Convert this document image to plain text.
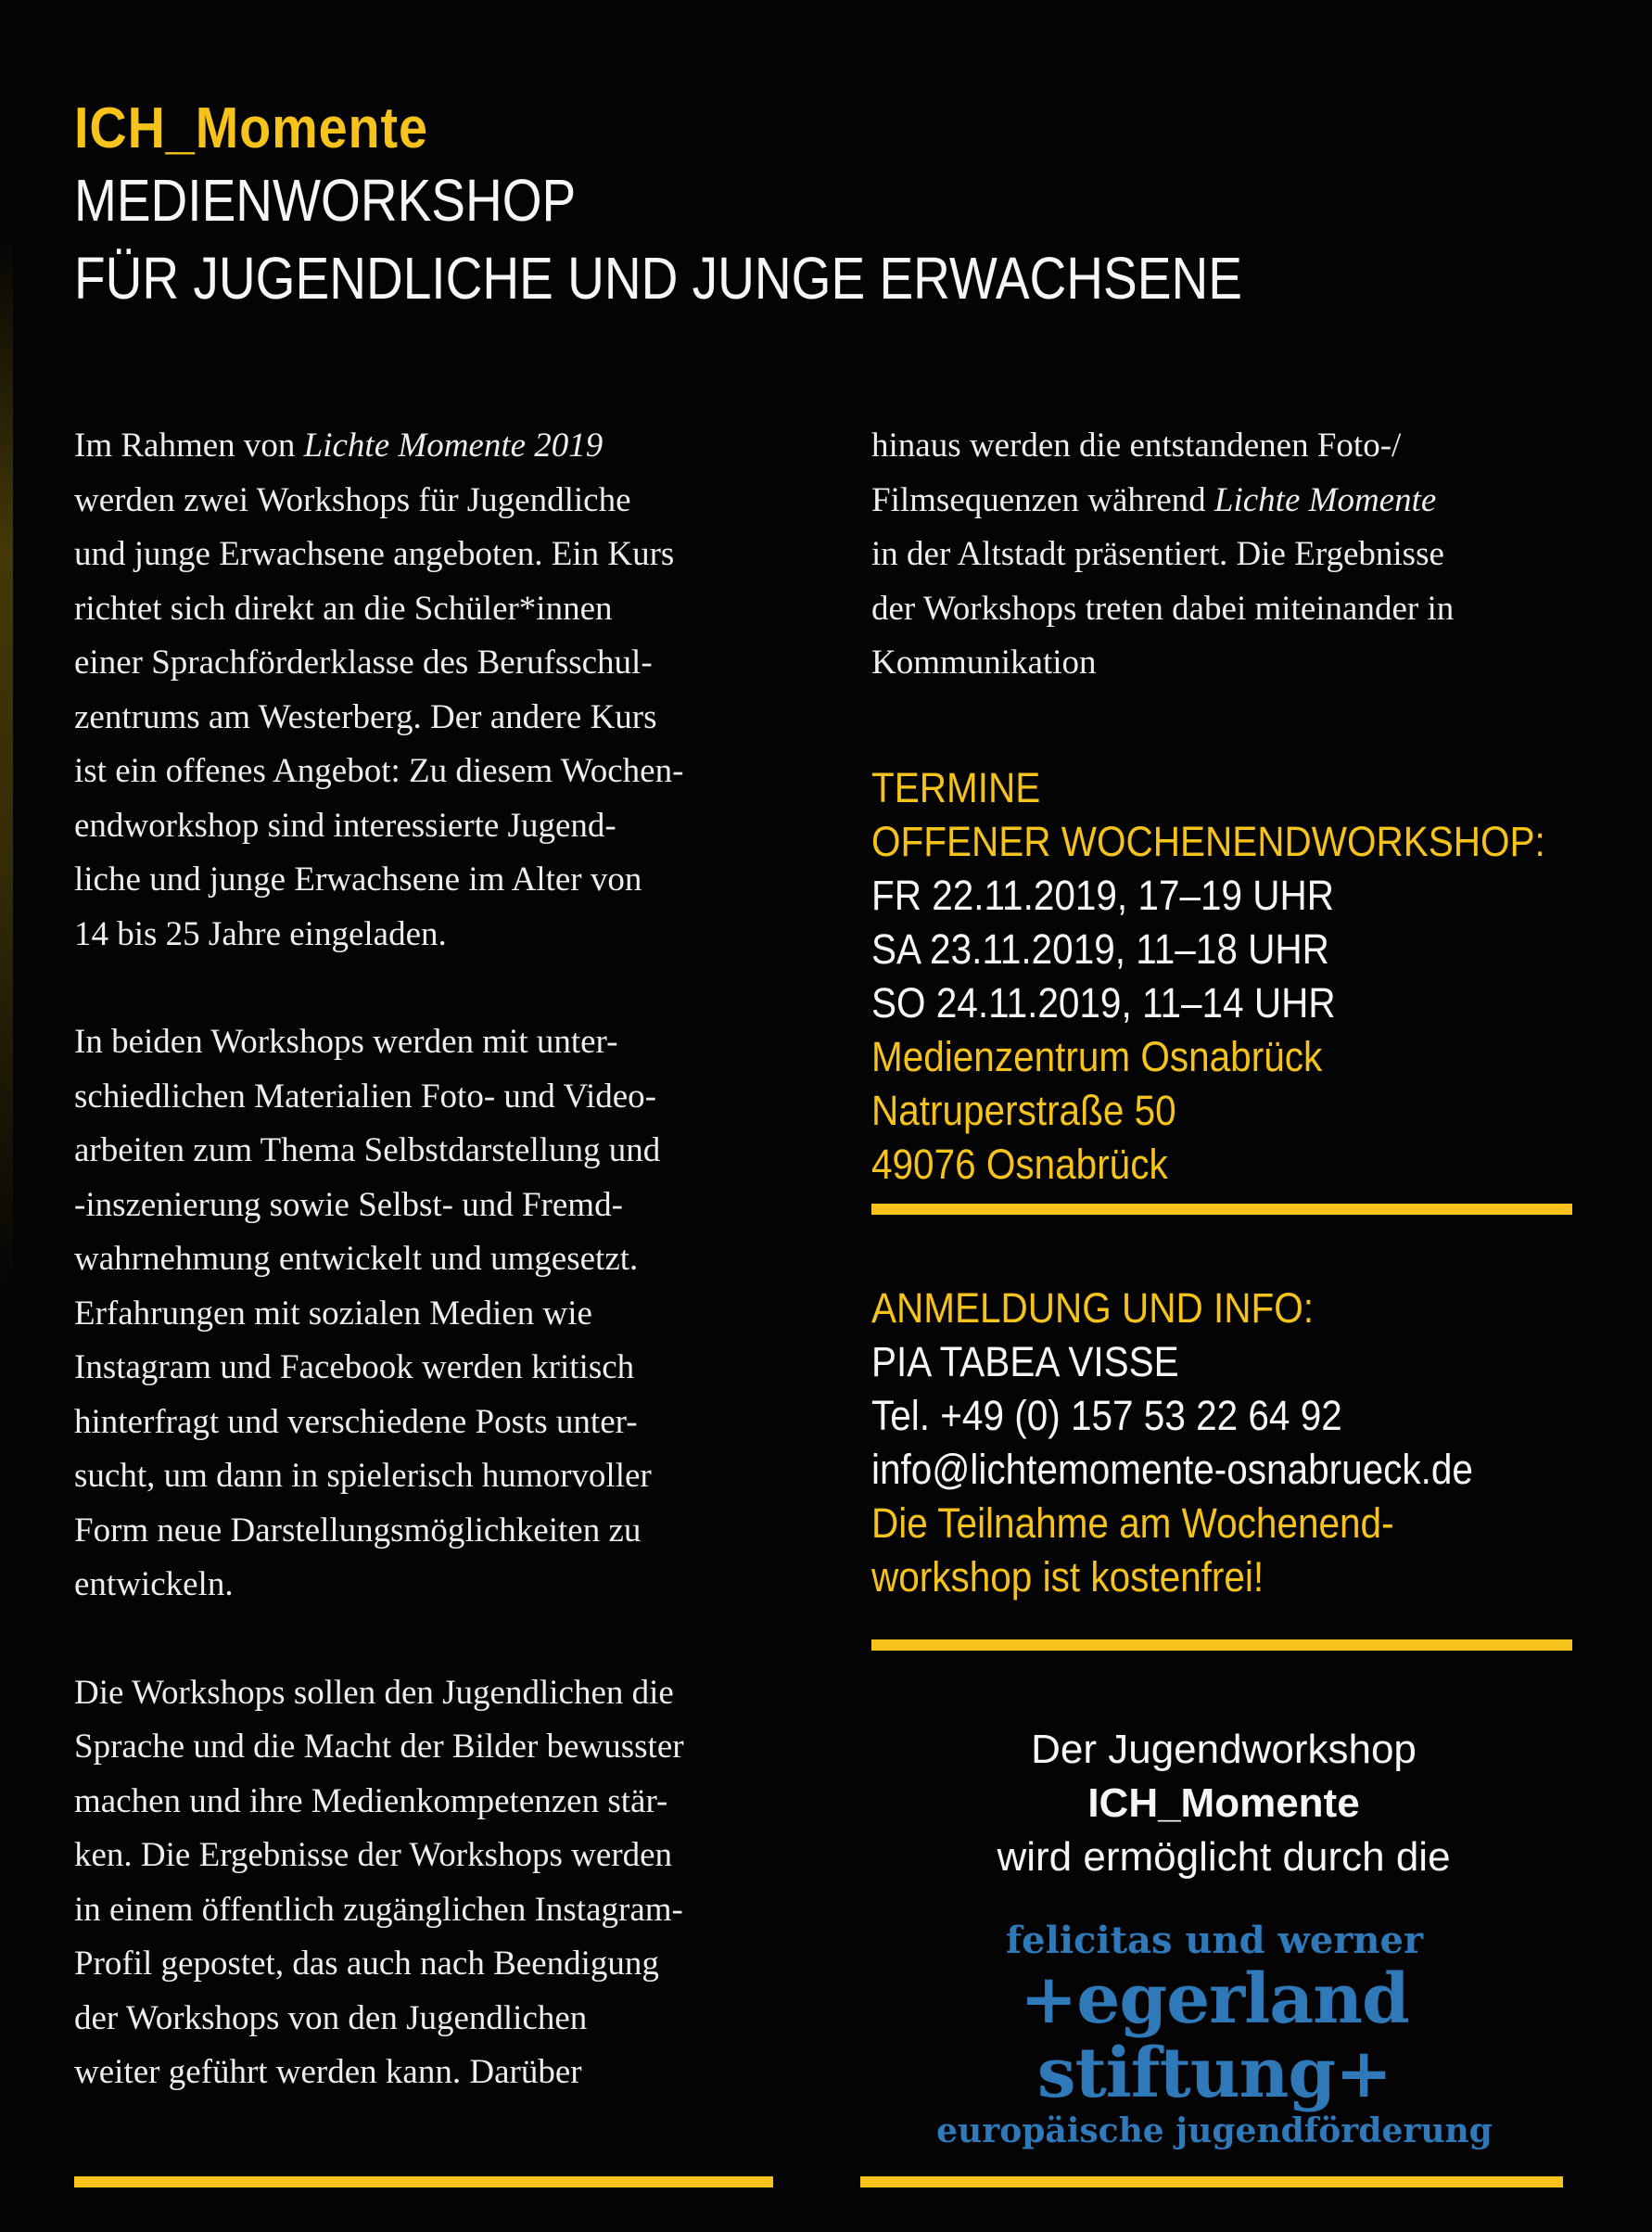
ICH_Momente
MEDIENWORKSHOP
FÜR JUGENDLICHE UND JUNGE ERWACHSENE
Im Rahmen von Lichte Momente 2019
werden zwei Workshops für Jugendliche
und junge Erwachsene angeboten. Ein Kurs
richtet sich direkt an die Schüler*innen
einer Sprachförderklasse des Berufsschul-
zentrums am Westerberg. Der andere Kurs
ist ein offenes Angebot: Zu diesem Wochen-
endworkshop sind interessierte Jugend-
liche und junge Erwachsene im Alter von
14 bis 25 Jahre eingeladen.
In beiden Workshops werden mit unter-
schiedlichen Materialien Foto- und Video-
arbeiten zum Thema Selbstdarstellung und
-inszenierung sowie Selbst- und Fremd-
wahrnehmung entwickelt und umgesetzt.
Erfahrungen mit sozialen Medien wie
Instagram und Facebook werden kritisch
hinterfragt und verschiedene Posts unter-
sucht, um dann in spielerisch humorvoller
Form neue Darstellungsmöglichkeiten zu
entwickeln.
Die Workshops sollen den Jugendlichen die
Sprache und die Macht der Bilder bewusster
machen und ihre Medienkompetenzen stär-
ken. Die Ergebnisse der Workshops werden
in einem öffentlich zugänglichen Instagram-
Profil gepostet, das auch nach Beendigung
der Workshops von den Jugendlichen
weiter geführt werden kann. Darüber
hinaus werden die entstandenen Foto-/
Filmsequenzen während Lichte Momente
in der Altstadt präsentiert. Die Ergebnisse
der Workshops treten dabei miteinander in
Kommunikation
TERMINE
OFFENER WOCHENENDWORKSHOP:
FR 22.11.2019, 17–19 UHR
SA 23.11.2019, 11–18 UHR
SO 24.11.2019, 11–14 UHR
Medienzentrum Osnabrück
Natruperstraße 50
49076 Osnabrück
ANMELDUNG UND INFO:
PIA TABEA VISSE
Tel. +49 (0) 157 53 22 64 92
info@lichtemomente-osnabrueck.de
Die Teilnahme am Wochenend-
workshop ist kostenfrei!
Der Jugendworkshop
ICH_Momente
wird ermöglicht durch die
felicitas und werner
+egerland stiftung+
europäische jugendförderung
